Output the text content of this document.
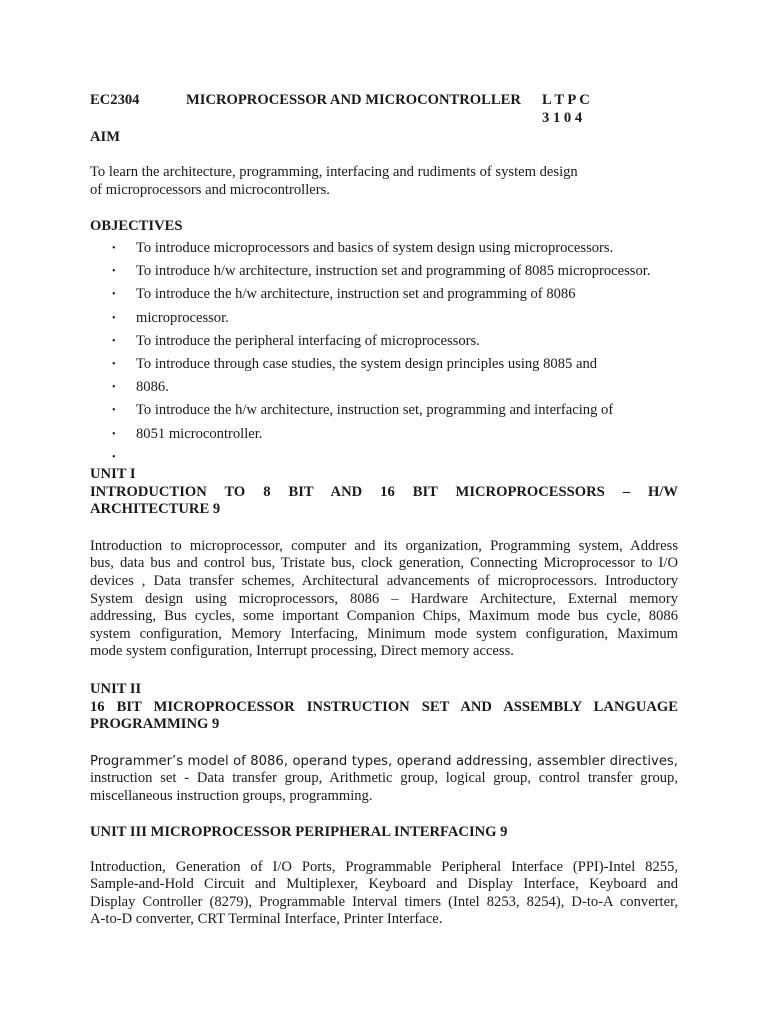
EC2304	MICROPROCESSOR AND MICROCONTROLLER L T P C
3 1 0 4
AIM

To learn the architecture, programming, interfacing and rudiments of system design
of microprocessors and microcontrollers.

OBJECTIVES
•	To introduce microprocessors and basics of system design using microprocessors.
•	To introduce h/w architecture, instruction set and programming of 8085 microprocessor.
•	To introduce the h/w architecture, instruction set and programming of 8086
•	microprocessor.
•	To introduce the peripheral interfacing of microprocessors.
•	To introduce through case studies, the system design principles using 8085 and
•	8086.
•	To introduce the h/w architecture, instruction set, programming and interfacing of
•	8051 microcontroller.
•
UNIT I
INTRODUCTION TO 8 BIT AND 16 BIT MICROPROCESSORS – H/W
ARCHITECTURE 9
Introduction to microprocessor, computer and its organization, Programming system, Address
bus, data bus and control bus, Tristate bus, clock generation, Connecting Microprocessor to I/O
devices , Data transfer schemes, Architectural advancements of microprocessors. Introductory
System design using microprocessors, 8086 – Hardware Architecture, External memory
addressing, Bus cycles, some important Companion Chips, Maximum mode bus cycle, 8086
system configuration, Memory Interfacing, Minimum mode system configuration, Maximum
mode system configuration, Interrupt processing, Direct memory access.
UNIT II
16 BIT MICROPROCESSOR INSTRUCTION SET AND ASSEMBLY LANGUAGE
PROGRAMMING 9
Programmer’s model of 8086, operand types, operand addressing, assembler directives,
instruction set - Data transfer group, Arithmetic group, logical group, control transfer group,
miscellaneous instruction groups, programming.
UNIT III MICROPROCESSOR PERIPHERAL INTERFACING 9
Introduction, Generation of I/O Ports, Programmable Peripheral Interface (PPI)-Intel 8255,
Sample-and-Hold Circuit and Multiplexer, Keyboard and Display Interface, Keyboard and
Display Controller (8279), Programmable Interval timers (Intel 8253, 8254), D-to-A converter,
A-to-D converter, CRT Terminal Interface, Printer Interface.
